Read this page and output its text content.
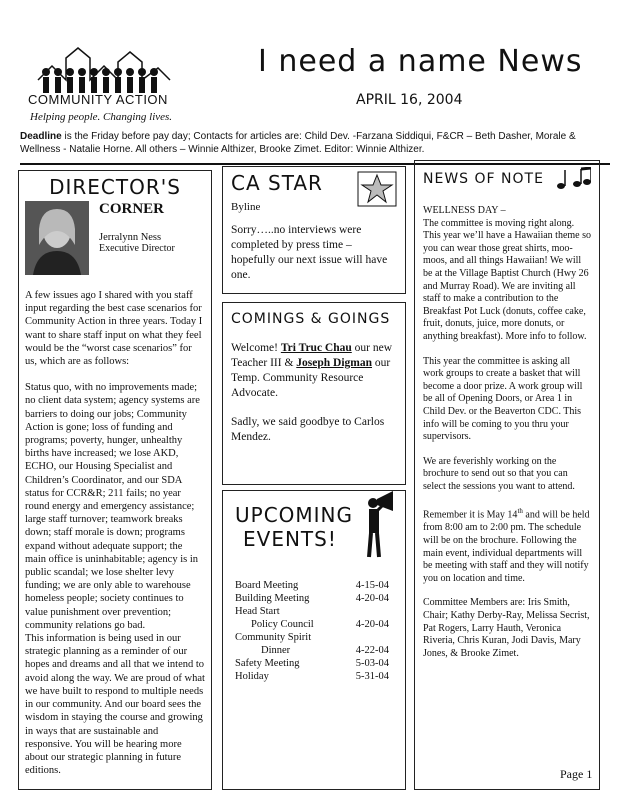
COMMUNITY ACTION
Helping people. Changing lives.
I need a name News
APRIL 16, 2004
Deadline is the Friday before pay day; Contacts for articles are: Child Dev. -Farzana Siddiqui, F&CR – Beth Dasher, Morale & Wellness - Natalie Horne. All others – Winnie Althizer, Brooke Zimet. Editor: Winnie Althizer.
DIRECTOR'S
CORNER
Jerralynn Ness
Executive Director

A few issues ago I shared with you staff input regarding the best case scenarios for Community Action in three years. Today I want to share staff input on what they feel would be the “worst case scenarios” for us, which are as follows:

Status quo, with no improvements made; no client data system; agency systems are barriers to doing our jobs; Community Action is gone; loss of funding and programs; poverty, hunger, unhealthy births have increased; we lose AKD, ECHO, our Housing Specialist and Children’s Coordinator, and our SDA status for CCR&R; 211 fails; no year round energy and emergency assistance; large staff turnover; teamwork breaks down; staff morale is down; programs expand without adequate support; the main office is uninhabitable; agency is in public scandal; we lose shelter levy funding; we are only able to warehouse homeless people; society continues to value punishment over prevention; community relations go bad.

This information is being used in our strategic planning as a reminder of our hopes and dreams and all that we intend to avoid along the way. We are proud of what we have built to respond to multiple needs in our community. And our board sees the wisdom in staying the course and growing in ways that are sustainable and responsive. You will be hearing more about our strategic planning in future editions.

CA STAR
Byline

Sorry…..no interviews were completed by press time – hopefully our next issue will have one.

COMINGS & GOINGS

Welcome! Tri Truc Chau our new Teacher III & Joseph Digman our Temp. Community Resource Advocate.

Sadly, we said goodbye to Carlos Mendez.

UPCOMING
EVENTS!
Board Meeting	4-15-04
Building Meeting	4-20-04
Head Start
Policy Council	4-20-04
Community Spirit
Dinner	4-22-04
Safety Meeting	5-03-04
Holiday	5-31-04
NEWS OF NOTE
WELLNESS DAY –

The committee is moving right along. This year we’ll have a Hawaiian theme so you can wear those great shirts, moo-moos, and all things Hawaiian! We will be at the Village Baptist Church (Hwy 26 and Murray Road). We are inviting all staff to make a contribution to the Breakfast Pot Luck (donuts, coffee cake, fruit, donuts, juice, more donuts, or anything breakfast). More info to follow.

This year the committee is asking all work groups to create a basket that will become a door prize. A work group will be all of Opening Doors, or Area 1 in Child Dev. or the Beaverton CDC. This info will be coming to you thru your supervisors.

We are feverishly working on the brochure to send out so that you can select the sessions you want to attend.

Remember it is May 14th and will be held from 8:00 am to 2:00 pm. The schedule will be on the brochure. Following the main event, individual departments will be meeting with staff and they will notify you on location and time.

Committee Members are: Iris Smith, Chair; Kathy Derby-Ray, Melissa Secrist, Pat Rogers, Larry Hauth, Veronica Riveria, Chris Kuran, Jodi Davis, Mary Jones, & Brooke Zimet.

Page 1
